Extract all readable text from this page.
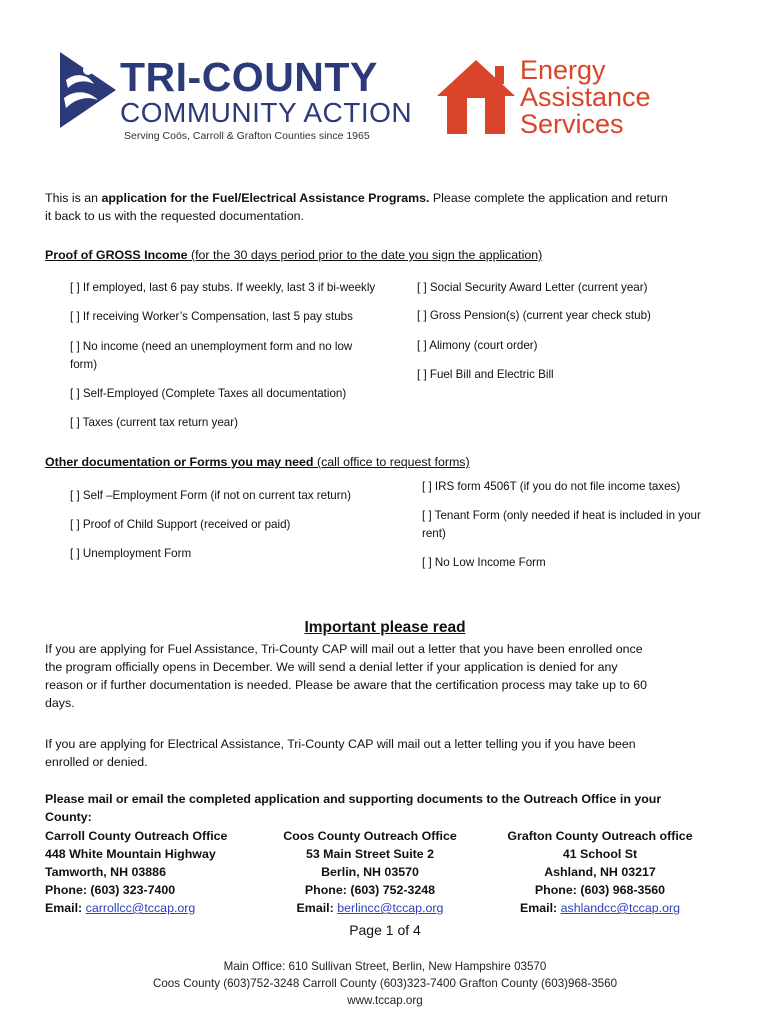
TRI-COUNTY
COMMUNITY ACTION
Serving Coös, Carroll & Grafton Counties since 1965
Energy
Assistance
Services
This is an application for the Fuel/Electrical Assistance Programs. Please complete the application and return
it back to us with the requested documentation.
Proof of GROSS Income (for the 30 days period prior to the date you sign the application)
[ ] If employed, last 6 pay stubs. If weekly, last 3 if bi-weekly	[ ] Social Security Award Letter (current year)
[ ] If receiving Worker’s Compensation, last 5 pay stubs	[ ] Gross Pension(s) (current year check stub)
[ ] No income (need an unemployment form and no low
form)
[ ] Alimony (court order)
[ ] Fuel Bill and Electric Bill
[ ] Self-Employed (Complete Taxes all documentation)
[ ] Taxes (current tax return year)
Other documentation or Forms you may need (call office to request forms)
[ ] Self –Employment Form (if not on current tax return)
[ ] IRS form 4506T (if you do not file income taxes)
[ ] Proof of Child Support (received or paid)
[ ] Tenant Form (only needed if heat is included in your
rent)
[ ] Unemployment Form
[ ] No Low Income Form
Important please read
If you are applying for Fuel Assistance, Tri-County CAP will mail out a letter that you have been enrolled once
the program officially opens in December. We will send a denial letter if your application is denied for any
reason or if further documentation is needed. Please be aware that the certification process may take up to 60
days.
If you are applying for Electrical Assistance, Tri-County CAP will mail out a letter telling you if you have been
enrolled or denied.
Please mail or email the completed application and supporting documents to the Outreach Office in your
County:
Carroll County Outreach Office
448 White Mountain Highway
Tamworth, NH 03886
Phone: (603) 323-7400
Email: carrollcc@tccap.org
Coos County Outreach Office
53 Main Street Suite 2
Berlin, NH 03570
Phone: (603) 752-3248
Email: berlincc@tccap.org
Grafton County Outreach office
41 School St
Ashland, NH 03217
Phone: (603) 968-3560
Email: ashlandcc@tccap.org
Page 1 of 4
Main Office: 610 Sullivan Street, Berlin, New Hampshire 03570
Coos County (603)752-3248 Carroll County (603)323-7400 Grafton County (603)968-3560
www.tccap.org
